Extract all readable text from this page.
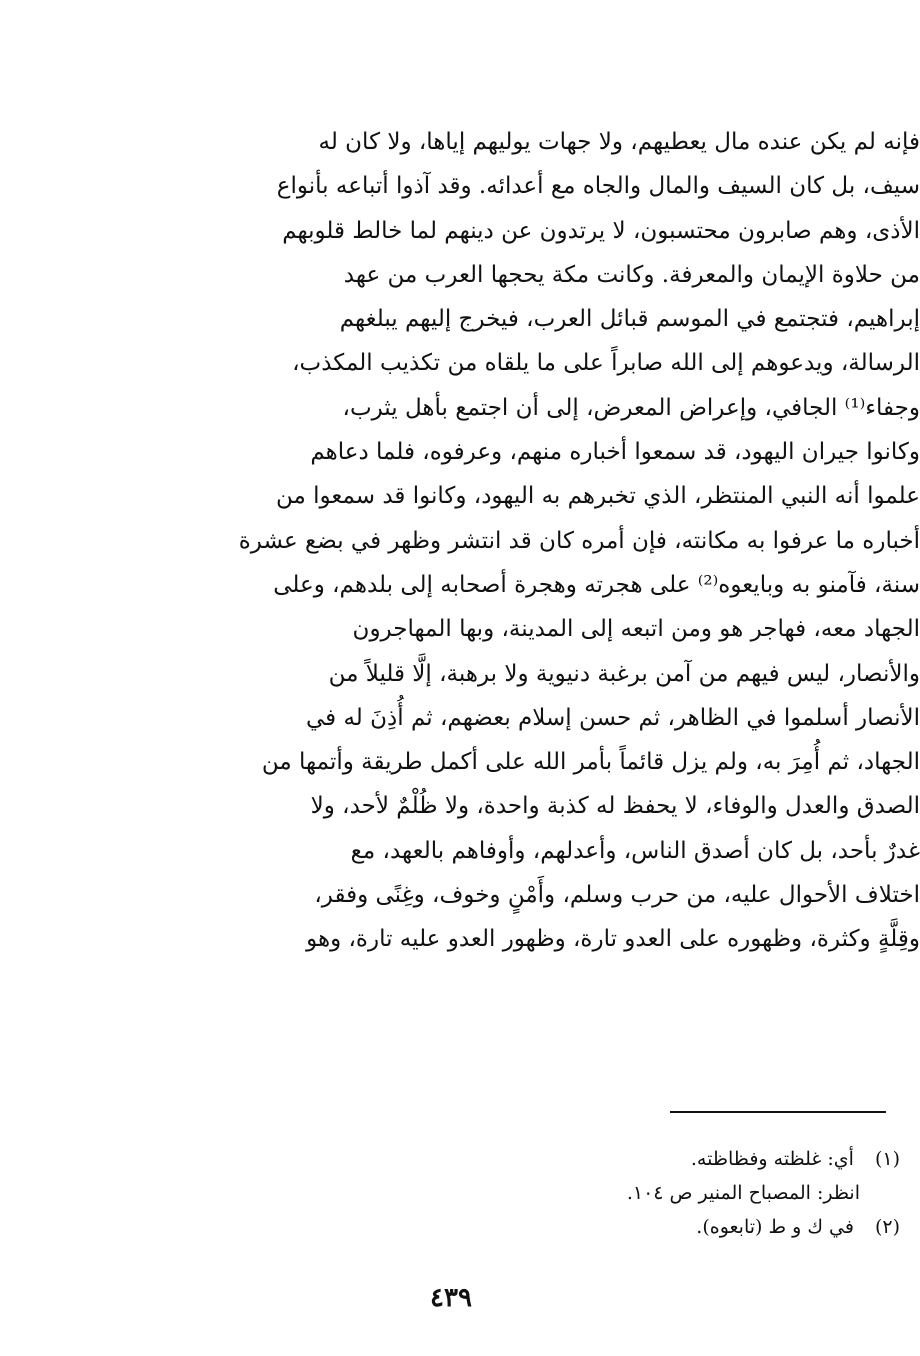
فإنه لم يكن عنده مال يعطيهم، ولا جهات يوليهم إياها، ولا كان له
سيف، بل كان السيف والمال والجاه مع أعدائه. وقد آذوا أتباعه بأنواع
الأذى، وهم صابرون محتسبون، لا يرتدون عن دينهم لما خالط قلوبهم
من حلاوة الإيمان والمعرفة. وكانت مكة يحجها العرب من عهد
إبراهيم، فتجتمع في الموسم قبائل العرب، فيخرج إليهم يبلغهم
الرسالة، ويدعوهم إلى الله صابراً على ما يلقاه من تكذيب المكذب،
وجفاء⁽¹⁾ الجافي، وإعراض المعرض، إلى أن اجتمع بأهل يثرب،
وكانوا جيران اليهود، قد سمعوا أخباره منهم، وعرفوه، فلما دعاهم
علموا أنه النبي المنتظر، الذي تخبرهم به اليهود، وكانوا قد سمعوا من
أخباره ما عرفوا به مكانته، فإن أمره كان قد انتشر وظهر في بضع عشرة
سنة، فآمنو به وبايعوه⁽²⁾ على هجرته وهجرة أصحابه إلى بلدهم، وعلى
الجهاد معه، فهاجر هو ومن اتبعه إلى المدينة، وبها المهاجرون
والأنصار، ليس فيهم من آمن برغبة دنيوية ولا برهبة، إلَّا قليلاً من
الأنصار أسلموا في الظاهر، ثم حسن إسلام بعضهم، ثم أُذِنَ له في
الجهاد، ثم أُمِرَ به، ولم يزل قائماً بأمر الله على أكمل طريقة وأتمها من
الصدق والعدل والوفاء، لا يحفظ له كذبة واحدة، ولا ظُلْمٌ لأحد، ولا
غدرٌ بأحد، بل كان أصدق الناس، وأعدلهم، وأوفاهم بالعهد، مع
اختلاف الأحوال عليه، من حرب وسلم، وأَمْنٍ وخوف، وغِنًى وفقر،
وقِلَّةٍ وكثرة، وظهوره على العدو تارة، وظهور العدو عليه تارة، وهو
(١) أي: غلظته وفظاظته.
انظر: المصباح المنير ص ١٠٤.
(٢) في ك و ط (تابعوه).
٤٣٩
